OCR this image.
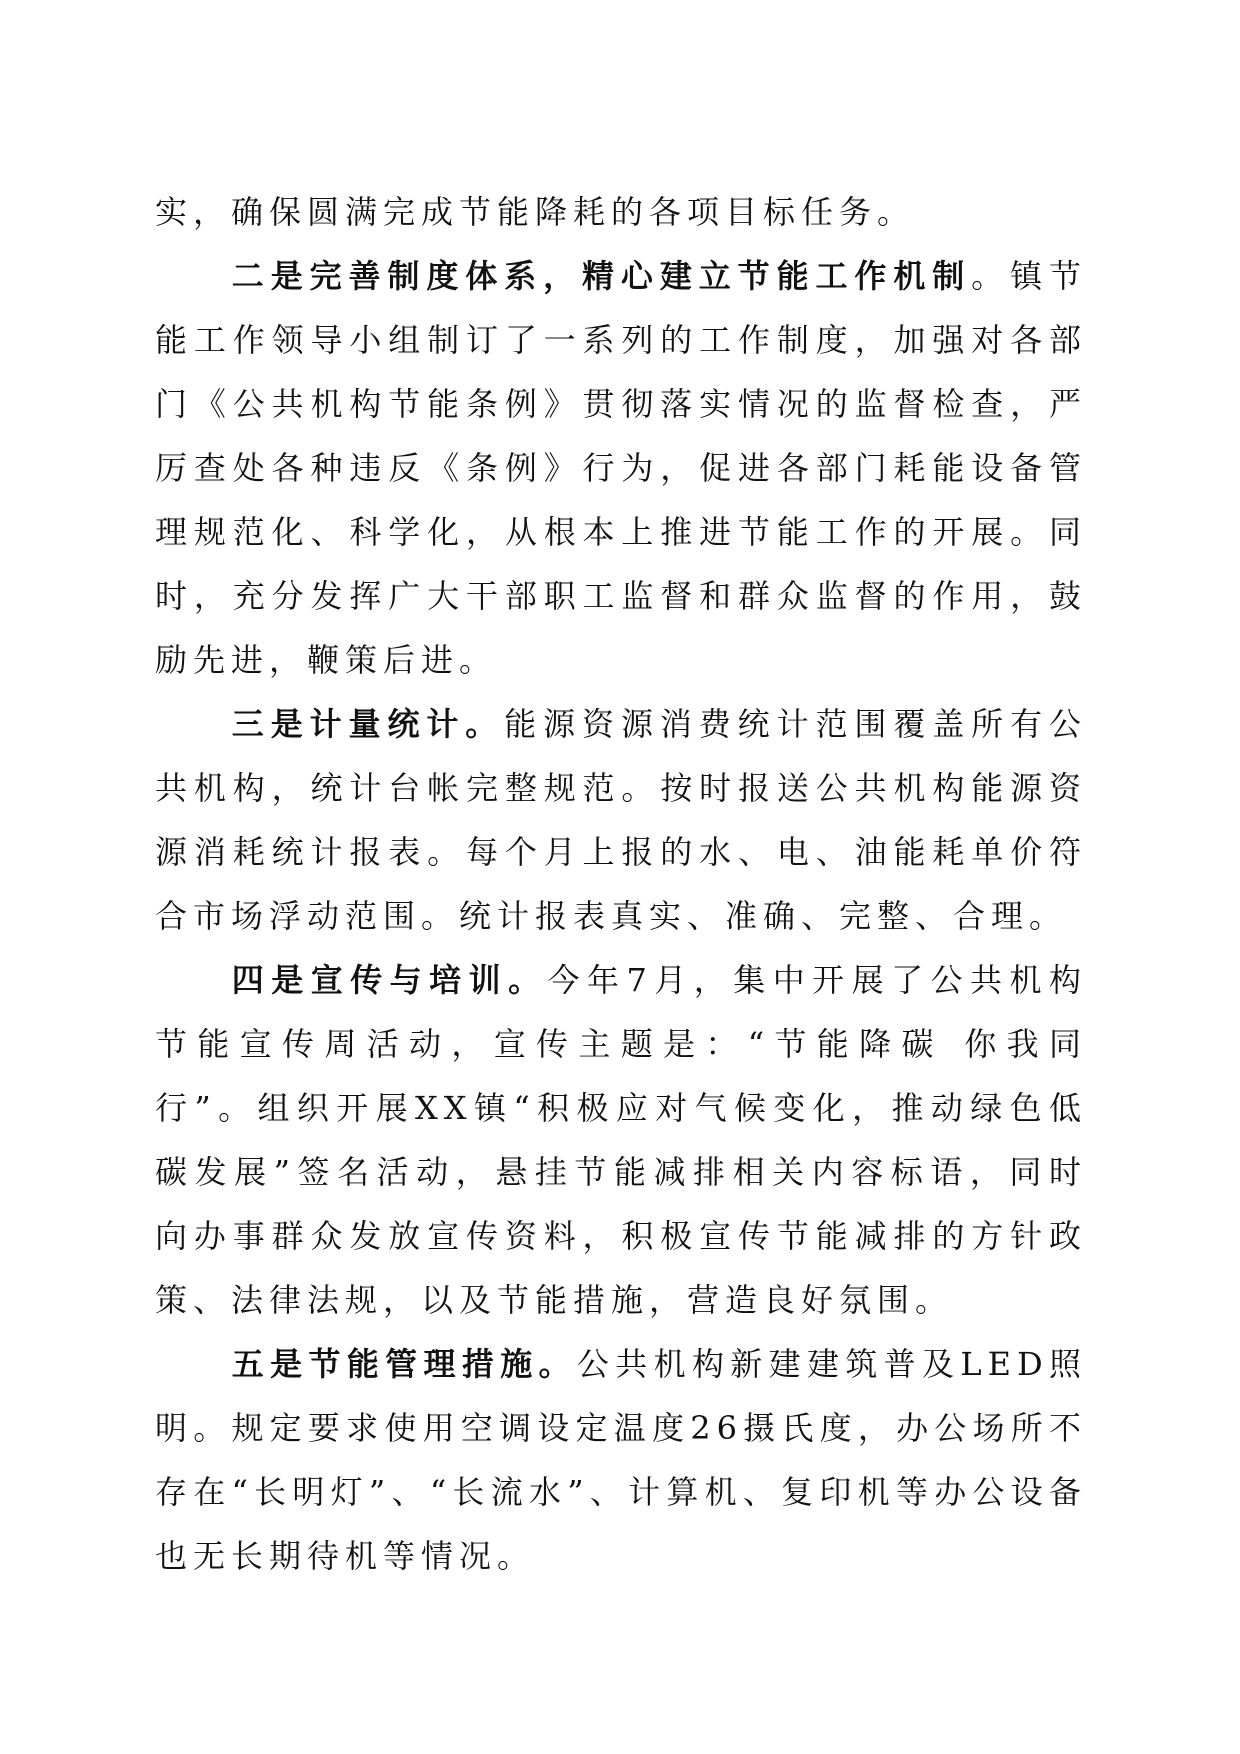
实，确保圆满完成节能降耗的各项目标任务。

二是完善制度体系，精心建立节能工作机制。镇节能工作领导小组制订了一系列的工作制度，加强对各部门《公共机构节能条例》贯彻落实情况的监督检查，严厉查处各种违反《条例》行为，促进各部门耗能设备管理规范化、科学化，从根本上推进节能工作的开展。同时，充分发挥广大干部职工监督和群众监督的作用，鼓励先进，鞭策后进。

三是计量统计。能源资源消费统计范围覆盖所有公共机构，统计台帐完整规范。按时报送公共机构能源资源消耗统计报表。每个月上报的水、电、油能耗单价符合市场浮动范围。统计报表真实、准确、完整、合理。

四是宣传与培训。今年7月，集中开展了公共机构节能宣传周活动，宣传主题是：“节能降碳 你我同行”。组织开展XX镇“积极应对气候变化，推动绿色低碳发展”签名活动，悬挂节能减排相关内容标语，同时向办事群众发放宣传资料，积极宣传节能减排的方针政策、法律法规，以及节能措施，营造良好氛围。

五是节能管理措施。公共机构新建建筑普及LED照明。规定要求使用空调设定温度26摄氏度，办公场所不存在“长明灯”、“长流水”、计算机、复印机等办公设备也无长期待机等情况。
